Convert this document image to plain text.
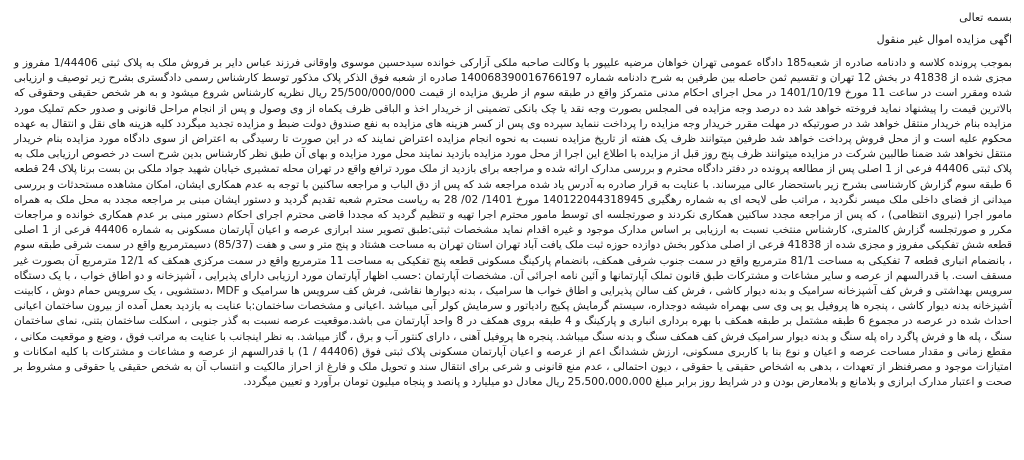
بسمه تعالی

اگهی مزایده اموال غیر منقول

بموجب پرونده کلاسه و دادنامه صادره از شعبه185 دادگاه عمومی تهران خواهان مرضیه علیپور با وکالت صاحبه ملکی آزارکی خوانده سیدحسین موسوی واوقانی فرزند عباس دایر بر فروش ملک به پلاک ثبتی 1/44406 مفروز و مجزی شده از 41838 در بخش 12 تهران و تقسیم ثمن حاصله بین طرفین به شرح دادنامه شماره 140068390016766197 صادره از شعبه فوق الذکر پلاک مذکور توسط کارشناس رسمی دادگستری بشرح زیر توصیف و ارزیابی شده ومقرر است در ساعت 11 مورخ 1401/10/19 در محل اجرای احکام مدنی متمرکز واقع در طبقه سوم از طریق مزایده از قیمت 25/500/000/000 ریال نظریه کارشناس شروع میشود و به هر شخص حقیقی وحقوقی که بالاترین قیمت را پیشنهاد نماید فروخته خواهد شد ده درصد وجه مزایده فی المجلس بصورت وجه نقد یا چک بانکی تضمینی از خریدار اخذ و الباقی ظرف یکماه از وی وصول و پس از انجام مراحل قانونی و صدور حکم تملیک مورد مزایده بنام خریدار منتقل خواهد شد در صورتیکه در مهلت مقرر خریدار وجه مزایده را پرداخت ننماید سپرده وی پس از کسر هزینه های مزایده به نفع صندوق دولت ضبط و مزایده تجدید میگردد کلیه هزینه های نقل و انتقال به عهده محکوم علیه است و از محل فروش پرداخت خواهد شد طرفین میتوانند ظرف یک هفته از تاریخ مزایده نسبت به نحوه انجام مزایده اعتراض نمایند که در این صورت تا رسیدگی به اعتراض از سوی دادگاه مورد مزایده بنام خریدار منتقل نخواهد شد ضمنا طالبین شرکت در مزایده میتوانند ظرف پنج روز قبل از مزایده با اطلاع این اجرا از محل مورد مزایده بازدید نمایند محل مورد مزایده و بهای آن طبق نظر کارشناس بدین شرح است در خصوص ارزیابی ملک به پلاک ثبتی 44406 فرعی از 1 اصلی پس از مطالعه پرونده در دفتر دادگاه محترم و بررسی مدارک ارائه شده و مراجعه برای بازدید از ملک مورد ترافع واقع در تهران محله تمشیری خیابان شهید جواد ملکی بن بست برنا پلاک 24 قطعه 6 طبقه سوم گزارش کارشناسی بشرح زیر باستحضار عالی میرساند. با عنایت به قرار صادره به آدرس یاد شده مراجعه شد که پس از دق الباب و مراجعه ساکنین با توجه به عدم همکاری ایشان، امکان مشاهده مستحدثات و بررسی میدانی از فضای داخلی ملک میسر نگردید ، مراتب طی لایحه ای به شماره رهگیری 140122044318945 مورخ 1401/ 02/ 28 به ریاست محترم شعبه تقدیم گردید و دستور ایشان مبنی بر مراجعه مجدد به محل ملک به همراه مامور اجرا (نیروی انتظامی) ، که پس از مراجعه مجدد ساکنین همکاری نکردند و صورتجلسه ای توسط مامور محترم اجرا تهیه و تنظیم گردید که مجددا قاضی محترم اجرای احکام دستور مبنی بر عدم همکاری خوانده و مراجعات مکرر و صورتجلسه گزارش کالمتری، کارشناس منتخب نسبت به ارزیابی بر اساس مدارک موجود و غیره اقدام نماید مشخصات ثبتی:طبق تصویر سند ابرازی عرصه و اعیان آپارتمان مسکونی به شماره 44406 فرعی از 1 اصلی قطعه شش تفکیکی مفروز و مجزی شده از 41838 فرعی از اصلی مذکور بخش دوازده حوزه ثبت ملک یافت آباد تهران استان تهران به مساحت هشتاد و پنج متر و سی و هفت (85/37) دسیمترمربع واقع در سمت شرقی طبقه سوم ، بانضمام انباری قطعه 7 تفکیکی به مساحت 81/1 مترمربع واقع در سمت جنوب شرقی همکف، بانضمام پارکینگ مسکونی قطعه پنج تفکیکی به مساحت 11 مترمربع واقع در سمت مرکزی همکف که 12/1 مترمربع آن بصورت غیر مسقف است. با قدرالسهم از عرصه و سایر مشاعات و مشترکات طبق قانون تملک آپارتمانها و آئین نامه اجرائی آن. مشخصات آپارتمان :حسب اظهار آپارتمان مورد ارزیابی دارای پذیرایی ، آشپزخانه و دو اطاق خواب ، با یک دستگاه سرویس بهداشتی و فرش کف آشپزخانه سرامیک و بدنه دیوار کاشی ، فرش کف سالن پذیرایی و اطاق خواب ها سرامیک ، بدنه دیوارها نقاشی، فرش کف سرویس ها سرامیک و MDF ،دستشویی ، یک سرویس حمام دوش ، کابینت آشپزخانه بدنه دیوار کاشی ، پنجره ها پروفیل یو پی وی سی بهمراه شیشه دوجداره، سیستم گرمایش پکیج رادیاتور و سرمایش کولر آبی میباشد .اعیانی و مشخصات ساختمان:با عنایت به بازدید بعمل آمده از بیرون ساختمان اعیانی احداث شده در عرصه در مجموع 6 طبقه مشتمل بر طبقه همکف با بهره برداری انباری و پارکینگ و 4 طبقه بروی همکف در 8 واحد آپارتمان می باشد.موقعیت عرصه نسبت به گذر جنوبی ، اسکلت ساختمان بتنی، نمای ساختمان سنگ ، پله ها و فرش پاگرد راه پله سنگ و بدنه دیوار سرامیک فرش کف همکف سنگ و بدنه سنگ میباشد. پنجره ها پروفیل آهنی ، دارای کنتور آب و برق ، گاز میباشد. به نظر اینجانب با عنایت به مراتب فوق ، وضع و موقعیت مکانی ، مقطع زمانی و مقدار مساحت عرصه و اعیان و نوع بنا با کاربری مسکونی، ارزش ششدانگ اعم از عرصه و اعیان آپارتمان مسکونی پلاک ثبتی فوق (44406 / 1) با قدرالسهم از عرصه و مشاعات و مشترکات با کلیه امکانات و امتیازات موجود و مصرفنظر از تعهدات ، بدهی به اشخاص حقیقی یا حقوقی ، دیون احتمالی ، عدم منع قانونی و شرعی برای انتقال سند و تحویل ملک و فارغ از احراز مالکیت و انتساب آن به شخص حقیقی یا حقوقی و مشروط بر صحت و اعتبار مدارک ابرازی و بلامانع و بلامعارض بودن و در شرایط روز برابر مبلغ 25،500،000،000 ریال معادل دو میلیارد و پانصد و پنجاه میلیون تومان برآورد و تعیین میگردد.
